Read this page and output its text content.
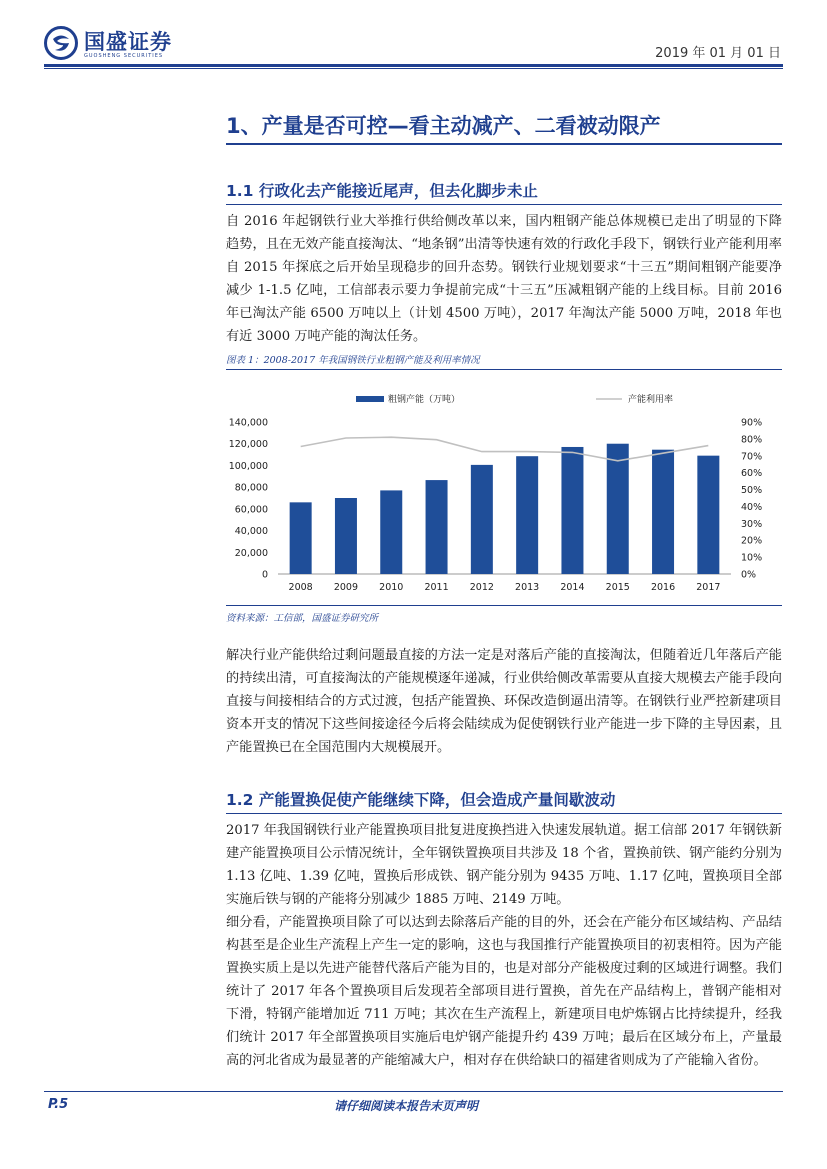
国盛证券
GUOSHENG SECURITIES	2019 年 01 月 01 日
1、产量是否可控—看主动减产、二看被动限产
1.1 行政化去产能接近尾声，但去化脚步未止
自 2016 年起钢铁行业大举推行供给侧改革以来，国内粗钢产能总体规模已走出了明显的下降趋势，且在无效产能直接淘汰、“地条钢”出清等快速有效的行政化手段下，钢铁行业产能利用率自 2015 年探底之后开始呈现稳步的回升态势。钢铁行业规划要求“十三五”期间粗钢产能要净减少 1-1.5 亿吨，工信部表示要力争提前完成“十三五”压减粗钢产能的上线目标。目前 2016 年已淘汰产能 6500 万吨以上（计划 4500 万吨），2017 年淘汰产能 5000 万吨，2018 年也有近 3000 万吨产能的淘汰任务。
图表 1：2008-2017 年我国钢铁行业粗钢产能及利用率情况
粗钢产能（万吨）	产能利用率
0
20,000
40,000
60,000
80,000
100,000
120,000
140,000
0%
10%
20%
30%
40%
50%
60%
70%
80%
90%
2008 2009 2010 2011 2012 2013 2014 2015 2016 2017
资料来源：工信部，国盛证券研究所
解决行业产能供给过剩问题最直接的方法一定是对落后产能的直接淘汰，但随着近几年落后产能的持续出清，可直接淘汰的产能规模逐年递减，行业供给侧改革需要从直接大规模去产能手段向直接与间接相结合的方式过渡，包括产能置换、环保改造倒逼出清等。在钢铁行业严控新建项目资本开支的情况下这些间接途径今后将会陆续成为促使钢铁行业产能进一步下降的主导因素，且产能置换已在全国范围内大规模展开。
1.2 产能置换促使产能继续下降，但会造成产量间歇波动
2017 年我国钢铁行业产能置换项目批复进度换挡进入快速发展轨道。据工信部 2017 年钢铁新建产能置换项目公示情况统计，全年钢铁置换项目共涉及 18 个省，置换前铁、钢产能约分别为 1.13 亿吨、1.39 亿吨，置换后形成铁、钢产能分别为 9435 万吨、1.17 亿吨，置换项目全部实施后铁与钢的产能将分别减少 1885 万吨、2149 万吨。
细分看，产能置换项目除了可以达到去除落后产能的目的外，还会在产能分布区域结构、产品结构甚至是企业生产流程上产生一定的影响，这也与我国推行产能置换项目的初衷相符。因为产能置换实质上是以先进产能替代落后产能为目的，也是对部分产能极度过剩的区域进行调整。我们统计了 2017 年各个置换项目后发现若全部项目进行置换，首先在产品结构上，普钢产能相对下滑，特钢产能增加近 711 万吨；其次在生产流程上，新建项目电炉炼钢占比持续提升，经我们统计 2017 年全部置换项目实施后电炉钢产能提升约 439 万吨；最后在区域分布上，产量最高的河北省成为最显著的产能缩减大户，相对存在供给缺口的福建省则成为了产能输入省份。
P.5	请仔细阅读本报告末页声明
